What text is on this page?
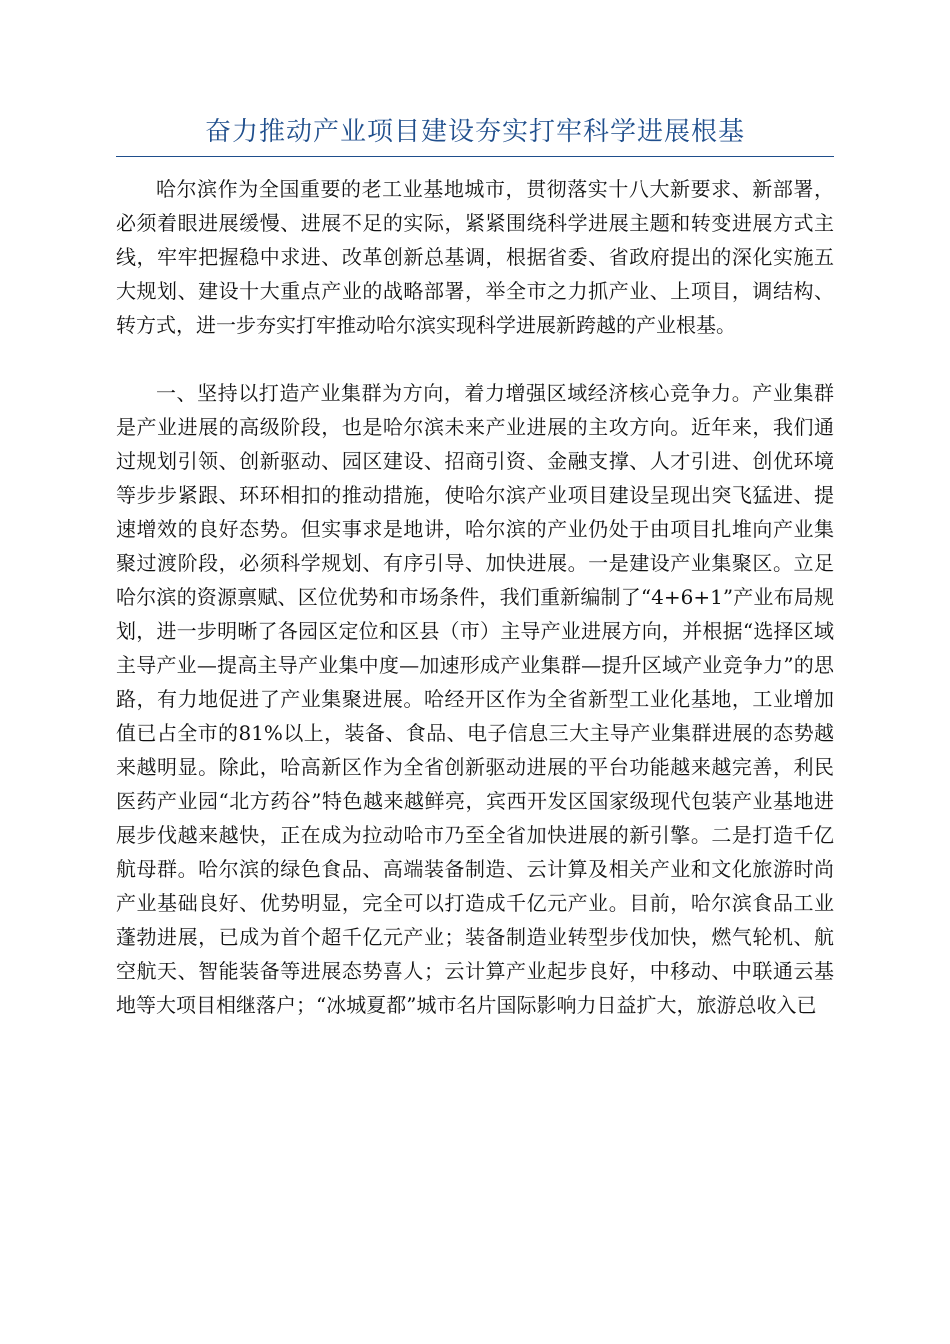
奋力推动产业项目建设夯实打牢科学进展根基

哈尔滨作为全国重要的老工业基地城市，贯彻落实十八大新要求、新部署，必须着眼进展缓慢、进展不足的实际，紧紧围绕科学进展主题和转变进展方式主线，牢牢把握稳中求进、改革创新总基调，根据省委、省政府提出的深化实施五大规划、建设十大重点产业的战略部署，举全市之力抓产业、上项目，调结构、转方式，进一步夯实打牢推动哈尔滨实现科学进展新跨越的产业根基。

一、坚持以打造产业集群为方向，着力增强区域经济核心竞争力。产业集群是产业进展的高级阶段，也是哈尔滨未来产业进展的主攻方向。近年来，我们通过规划引领、创新驱动、园区建设、招商引资、金融支撑、人才引进、创优环境等步步紧跟、环环相扣的推动措施，使哈尔滨产业项目建设呈现出突飞猛进、提速增效的良好态势。但实事求是地讲，哈尔滨的产业仍处于由项目扎堆向产业集聚过渡阶段，必须科学规划、有序引导、加快进展。一是建设产业集聚区。立足哈尔滨的资源禀赋、区位优势和市场条件，我们重新编制了“4+6+1”产业布局规划，进一步明晰了各园区定位和区县（市）主导产业进展方向，并根据“选择区域主导产业—提高主导产业集中度—加速形成产业集群—提升区域产业竞争力”的思路，有力地促进了产业集聚进展。哈经开区作为全省新型工业化基地，工业增加值已占全市的81%以上，装备、食品、电子信息三大主导产业集群进展的态势越来越明显。除此，哈高新区作为全省创新驱动进展的平台功能越来越完善，利民医药产业园“北方药谷”特色越来越鲜亮，宾西开发区国家级现代包装产业基地进展步伐越来越快，正在成为拉动哈市乃至全省加快进展的新引擎。二是打造千亿航母群。哈尔滨的绿色食品、高端装备制造、云计算及相关产业和文化旅游时尚产业基础良好、优势明显，完全可以打造成千亿元产业。目前，哈尔滨食品工业蓬勃进展，已成为首个超千亿元产业；装备制造业转型步伐加快，燃气轮机、航空航天、智能装备等进展态势喜人；云计算产业起步良好，中移动、中联通云基地等大项目相继落户；“冰城夏都”城市名片国际影响力日益扩大，旅游总收入已
